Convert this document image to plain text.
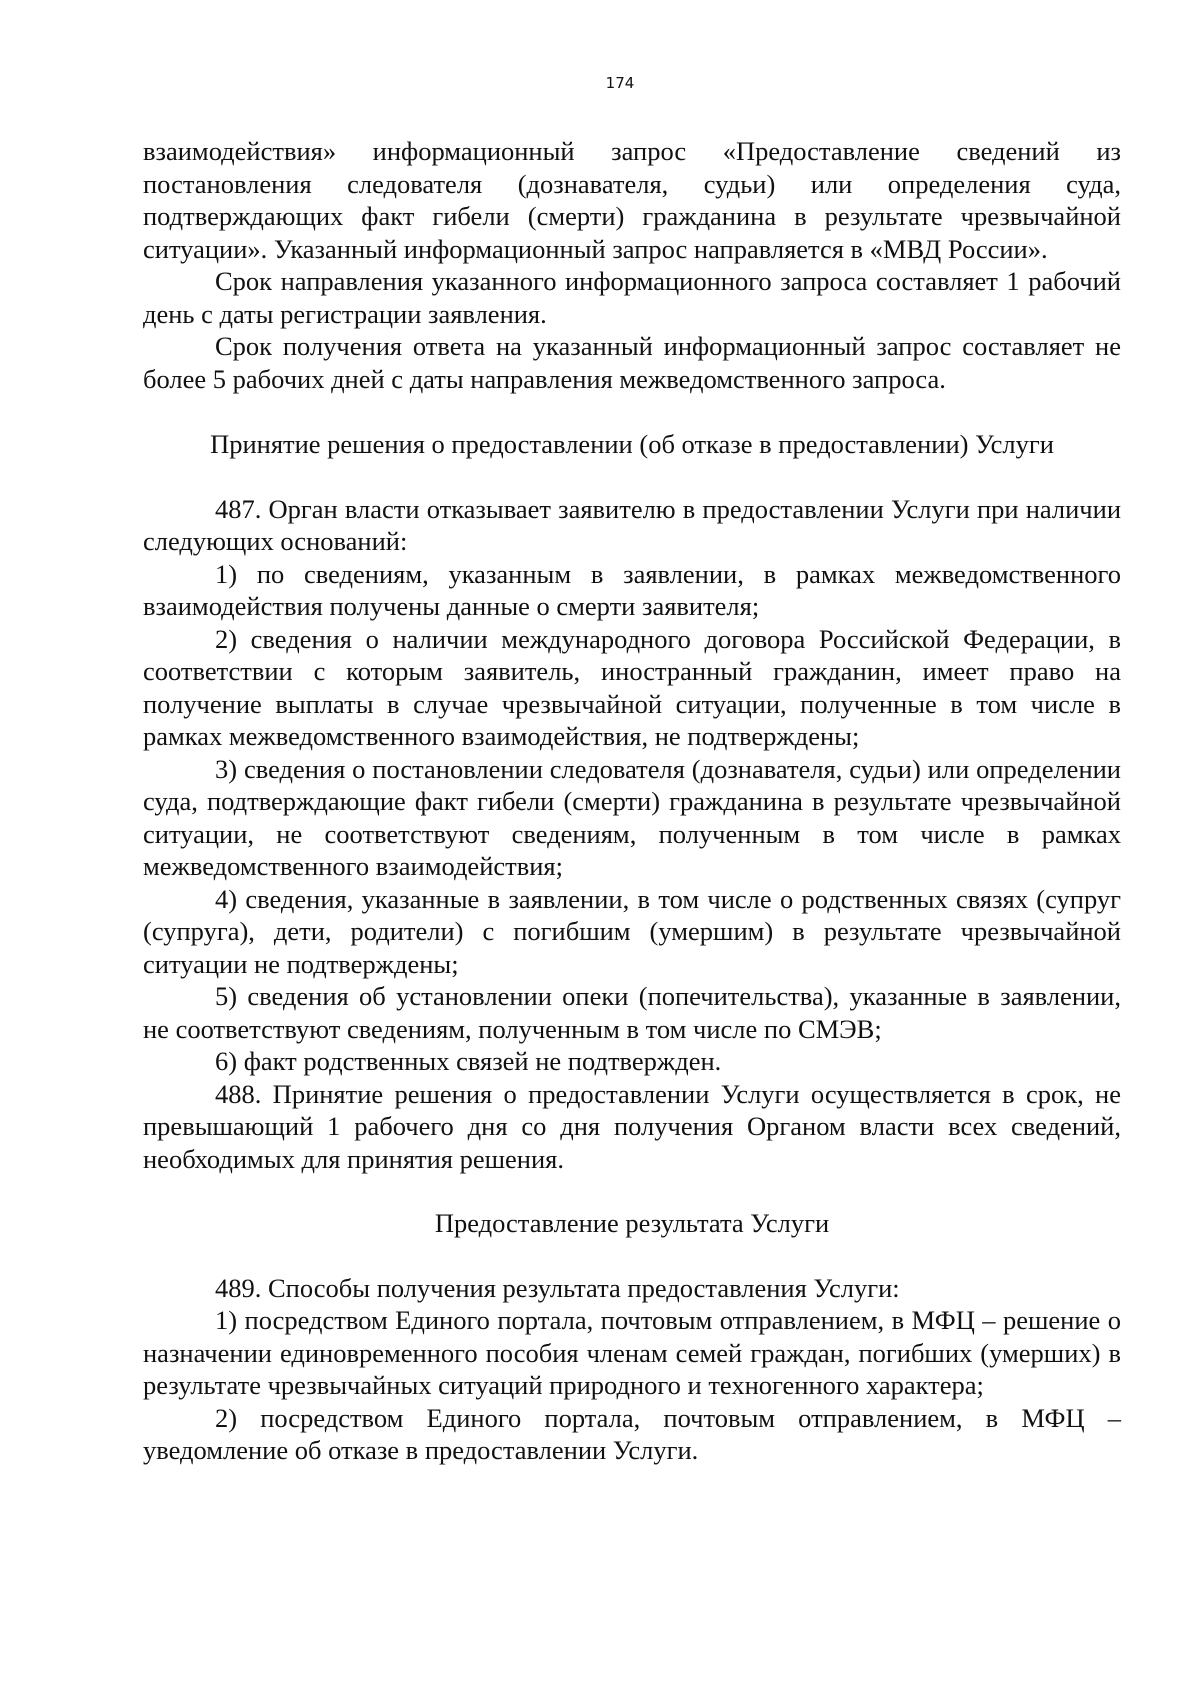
174

взаимодействия» информационный запрос «Предоставление сведений из постановления следователя (дознавателя, судьи) или определения суда, подтверждающих факт гибели (смерти) гражданина в результате чрезвычайной ситуации». Указанный информационный запрос направляется в «МВД России».

Срок направления указанного информационного запроса составляет 1 рабочий день с даты регистрации заявления.

Срок получения ответа на указанный информационный запрос составляет не более 5 рабочих дней с даты направления межведомственного запроса.

Принятие решения о предоставлении (об отказе в предоставлении) Услуги

487. Орган власти отказывает заявителю в предоставлении Услуги при наличии следующих оснований:

1) по сведениям, указанным в заявлении, в рамках межведомственного взаимодействия получены данные о смерти заявителя;

2) сведения о наличии международного договора Российской Федерации, в соответствии с которым заявитель, иностранный гражданин, имеет право на получение выплаты в случае чрезвычайной ситуации, полученные в том числе в рамках межведомственного взаимодействия, не подтверждены;

3) сведения о постановлении следователя (дознавателя, судьи) или определении суда, подтверждающие факт гибели (смерти) гражданина в результате чрезвычайной ситуации, не соответствуют сведениям, полученным в том числе в рамках межведомственного взаимодействия;

4) сведения, указанные в заявлении, в том числе о родственных связях (супруг (супруга), дети, родители) с погибшим (умершим) в результате чрезвычайной ситуации не подтверждены;

5) сведения об установлении опеки (попечительства), указанные в заявлении, не соответствуют сведениям, полученным в том числе по СМЭВ;

6) факт родственных связей не подтвержден.

488. Принятие решения о предоставлении Услуги осуществляется в срок, не превышающий 1 рабочего дня со дня получения Органом власти всех сведений, необходимых для принятия решения.

Предоставление результата Услуги

489. Способы получения результата предоставления Услуги:

1) посредством Единого портала, почтовым отправлением, в МФЦ – решение о назначении единовременного пособия членам семей граждан, погибших (умерших) в результате чрезвычайных ситуаций природного и техногенного характера;

2) посредством Единого портала, почтовым отправлением, в МФЦ – уведомление об отказе в предоставлении Услуги.
